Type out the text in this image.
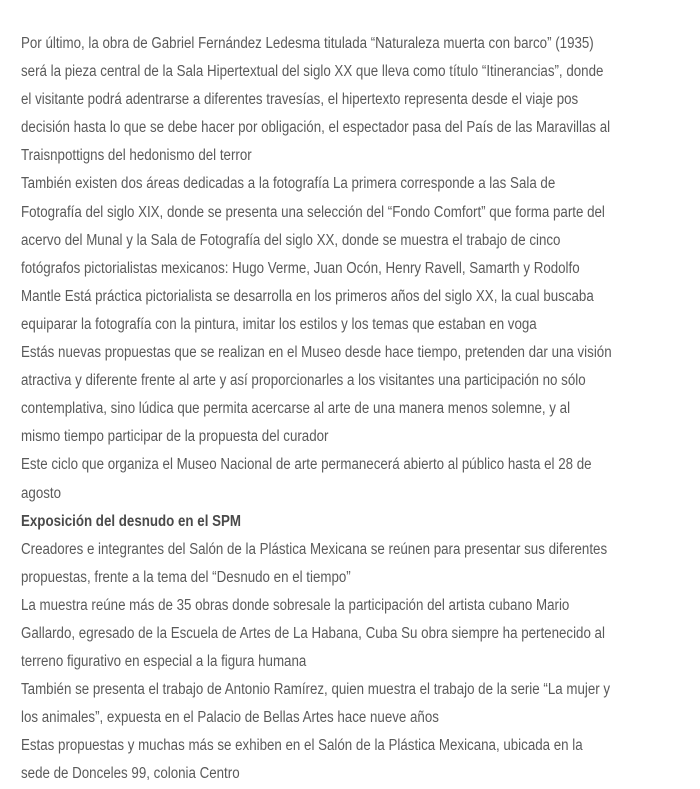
Por último, la obra de Gabriel Fernández Ledesma titulada “Naturaleza muerta con barco” (1935)
será la pieza central de la Sala Hipertextual del siglo XX que lleva como título “Itinerancias”, donde
el visitante podrá adentrarse a diferentes travesías, el hipertexto representa desde el viaje pos
decisión hasta lo que se debe hacer por obligación, el espectador pasa del País de las Maravillas al
Traisnpottigns del hedonismo del terror

También existen dos áreas dedicadas a la fotografía La primera corresponde a las Sala de
Fotografía del siglo XIX, donde se presenta una selección del “Fondo Comfort” que forma parte del
acervo del Munal y la Sala de Fotografía del siglo XX, donde se muestra el trabajo de cinco
fotógrafos pictorialistas mexicanos: Hugo Verme, Juan Ocón, Henry Ravell, Samarth y Rodolfo
Mantle Está práctica pictorialista se desarrolla en los primeros años del siglo XX, la cual buscaba
equiparar la fotografía con la pintura, imitar los estilos y los temas que estaban en voga

Estás nuevas propuestas que se realizan en el Museo desde hace tiempo, pretenden dar una visión
atractiva y diferente frente al arte y así proporcionarles a los visitantes una participación no sólo
contemplativa, sino lúdica que permita acercarse al arte de una manera menos solemne, y al
mismo tiempo participar de la propuesta del curador

Este ciclo que organiza el Museo Nacional de arte permanecerá abierto al público hasta el 28 de
agosto

Exposición del desnudo en el SPM

Creadores e integrantes del Salón de la Plástica Mexicana se reúnen para presentar sus diferentes
propuestas, frente a la tema del “Desnudo en el tiempo”

La muestra reúne más de 35 obras donde sobresale la participación del artista cubano Mario
Gallardo, egresado de la Escuela de Artes de La Habana, Cuba Su obra siempre ha pertenecido al
terreno figurativo en especial a la figura humana

También se presenta el trabajo de Antonio Ramírez, quien muestra el trabajo de la serie “La mujer y
los animales”, expuesta en el Palacio de Bellas Artes hace nueve años

Estas propuestas y muchas más se exhiben en el Salón de la Plástica Mexicana, ubicada en la
sede de Donceles 99, colonia Centro
